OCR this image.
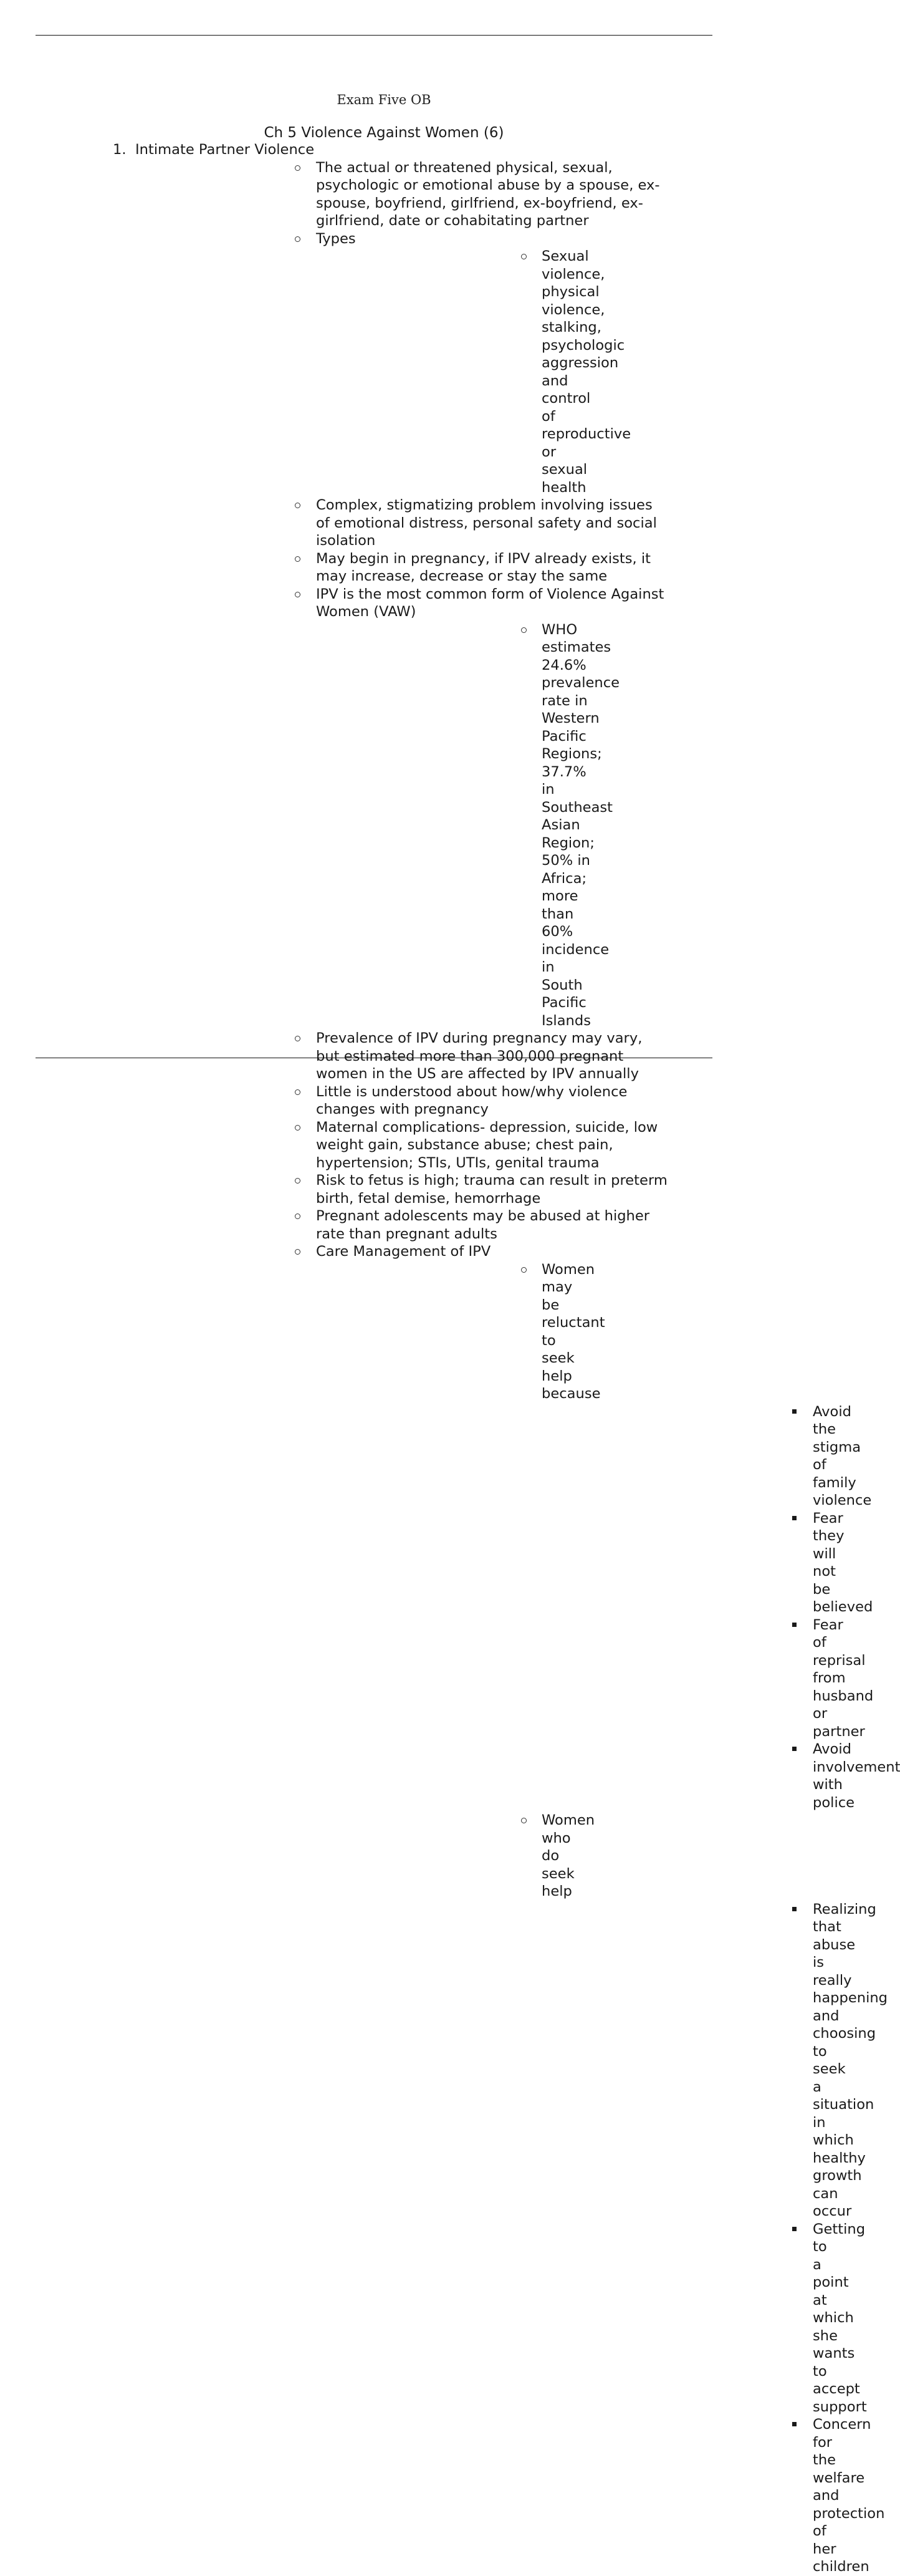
Exam Five OB
Ch 5 Violence Against Women (6)
1. Intimate Partner Violence
The actual or threatened physical, sexual, psychologic or emotional abuse by a spouse, ex-spouse, boyfriend, girlfriend, ex-boyfriend, ex-girlfriend, date or cohabitating partner
Types
Sexual violence, physical violence, stalking, psychologic aggression and control of reproductive or sexual health
Complex, stigmatizing problem involving issues of emotional distress, personal safety and social isolation
May begin in pregnancy, if IPV already exists, it may increase, decrease or stay the same
IPV is the most common form of Violence Against Women (VAW)
WHO estimates 24.6% prevalence rate in Western Pacific Regions; 37.7% in Southeast Asian Region; 50% in Africa; more than 60% incidence in South Pacific Islands
Prevalence of IPV during pregnancy may vary, but estimated more than 300,000 pregnant women in the US are affected by IPV annually
Little is understood about how/why violence changes with pregnancy
Maternal complications- depression, suicide, low weight gain, substance abuse; chest pain, hypertension; STIs, UTIs, genital trauma
Risk to fetus is high; trauma can result in preterm birth, fetal demise, hemorrhage
Pregnant adolescents may be abused at higher rate than pregnant adults
Care Management of IPV
Women may be reluctant to seek help because
Avoid the stigma of family violence
Fear they will not be believed
Fear of reprisal from husband or partner
Avoid involvement with police
Women who do seek help
Realizing that abuse is really happening and choosing to seek a situation in which healthy growth can occur
Getting to a point at which she wants to accept support
Concern for the welfare and protection of her children
